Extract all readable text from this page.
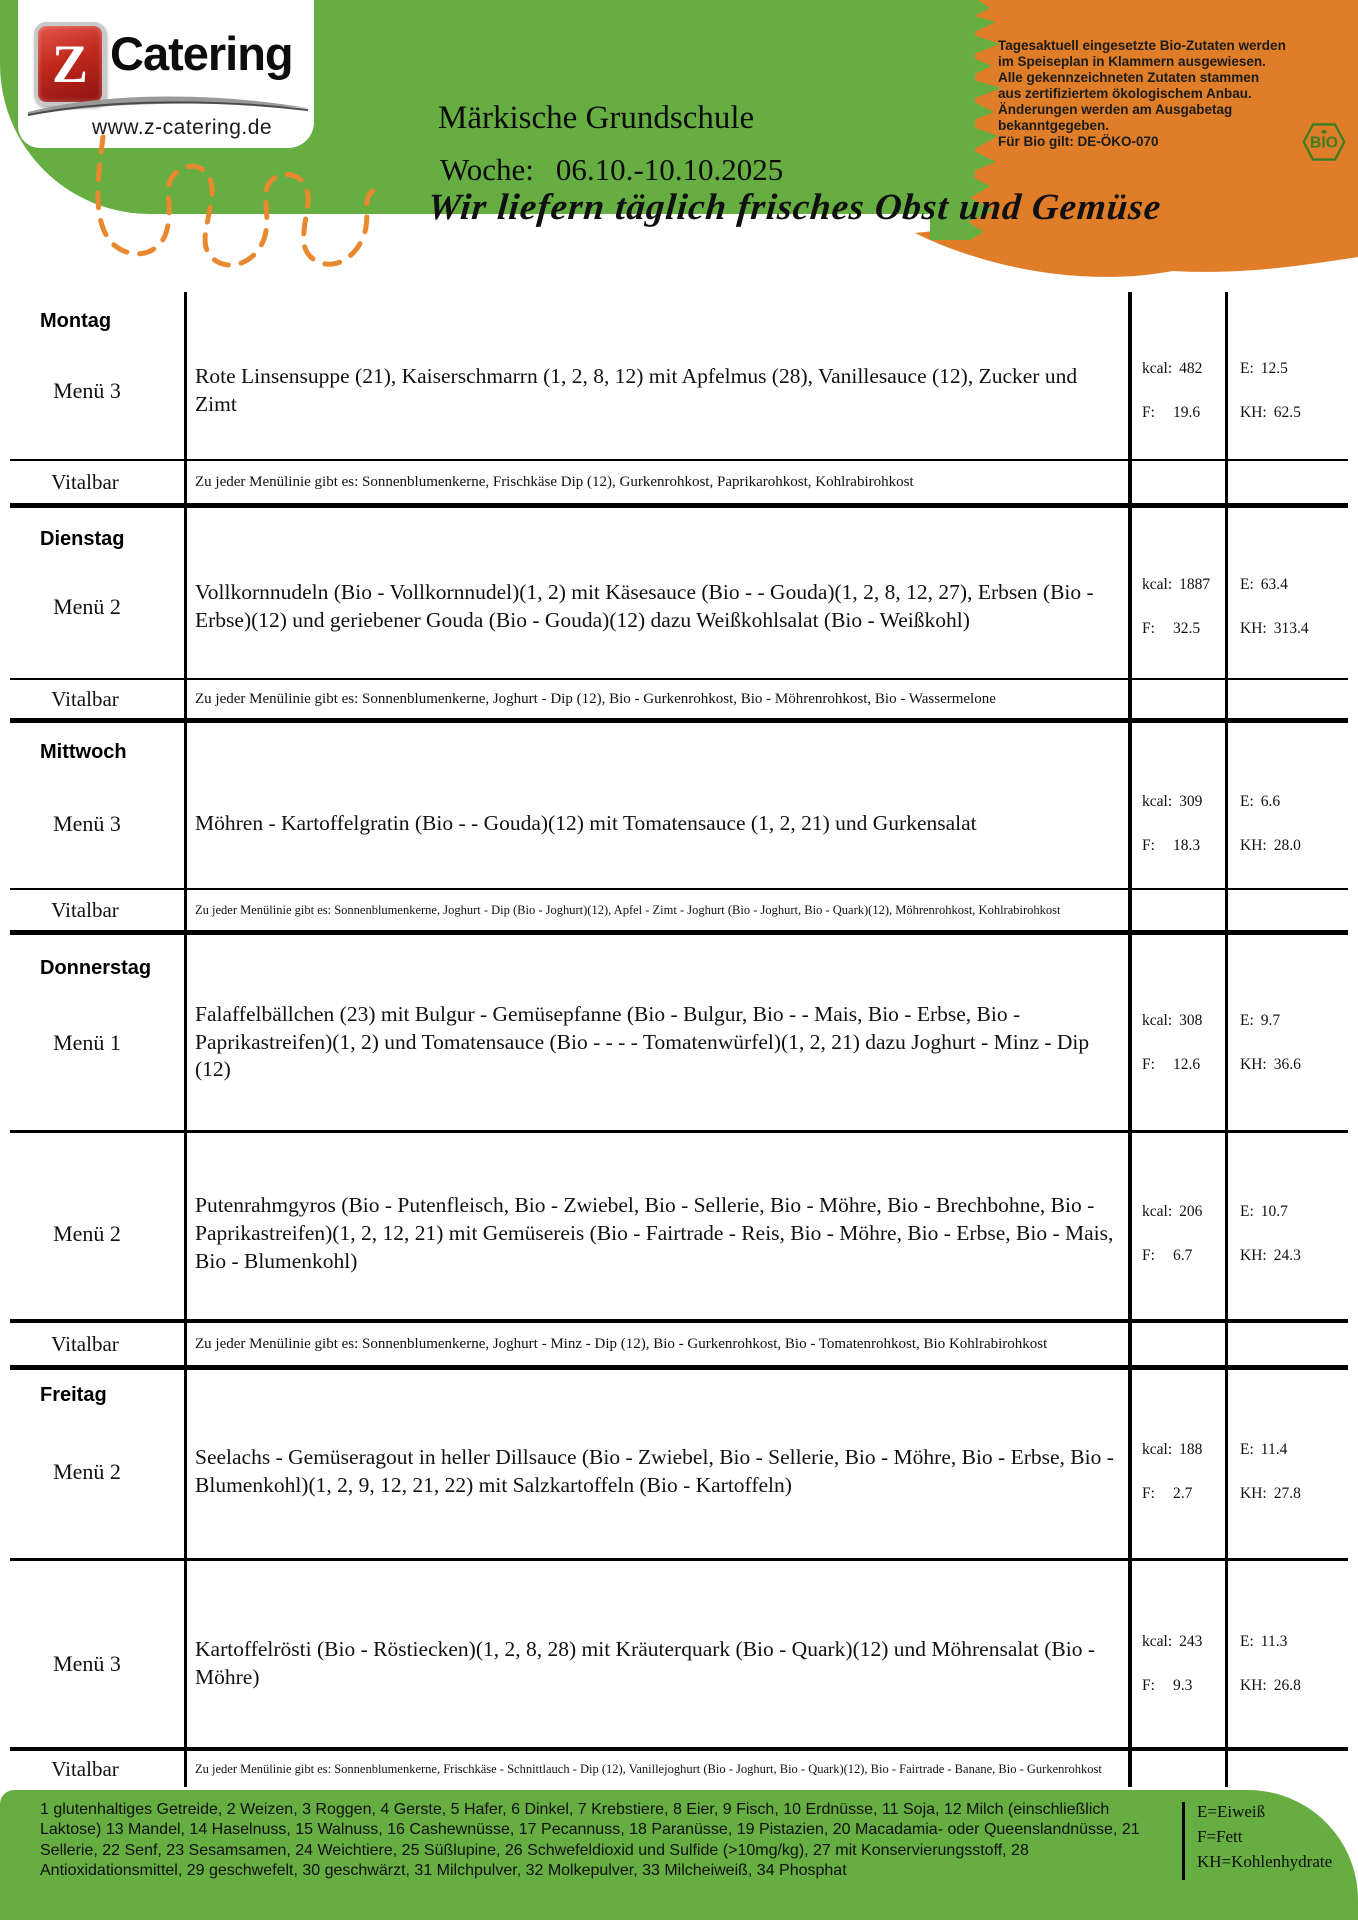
Z Catering
www.z-catering.de	Märkische Grundschule
Woche: 06.10.-10.10.2025
Wir liefern täglich frisches Obst und Gemüse
Tagesaktuell eingesetzte Bio-Zutaten werden
im Speiseplan in Klammern ausgewiesen.
Alle gekennzeichneten Zutaten stammen
aus zertifiziertem ökologischem Anbau.
Änderungen werden am Ausgabetag
bekanntgegeben.
Für Bio gilt: DE-ÖKO-070	BIO
Montag
Menü 3

Rote Linsensuppe (21), Kaiserschmarrn (1, 2, 8, 12) mit Apfelmus (28), Vanillesauce (12), Zucker und Zimt

kcal: 482
F: 19.6
E: 12.5
KH: 62.5
Vitalbar	Zu jeder Menülinie gibt es: Sonnenblumenkerne, Frischkäse Dip (12), Gurkenrohkost, Paprikarohkost, Kohlrabirohkost

Dienstag
Menü 2

Vollkornnudeln (Bio - Vollkornnudel)(1, 2) mit Käsesauce (Bio - - Gouda)(1, 2, 8, 12, 27), Erbsen (Bio - Erbse)(12) und geriebener Gouda (Bio - Gouda)(12) dazu Weißkohlsalat (Bio - Weißkohl)

kcal: 1887
F: 32.5
E: 63.4
KH: 313.4
Vitalbar	Zu jeder Menülinie gibt es: Sonnenblumenkerne, Joghurt - Dip (12), Bio - Gurkenrohkost, Bio - Möhrenrohkost, Bio - Wassermelone

Mittwoch
Menü 3	Möhren - Kartoffelgratin (Bio - - Gouda)(12) mit Tomatensauce (1, 2, 21) und Gurkensalat

kcal: 309
F: 18.3
E: 6.6
KH: 28.0
Vitalbar	Zu jeder Menülinie gibt es: Sonnenblumenkerne, Joghurt - Dip (Bio - Joghurt)(12), Apfel - Zimt - Joghurt (Bio - Joghurt, Bio - Quark)(12), Möhrenrohkost, Kohlrabirohkost

Donnerstag
Menü 1

Falaffelbällchen (23) mit Bulgur - Gemüsepfanne (Bio - Bulgur, Bio - - Mais, Bio - Erbse, Bio - Paprikastreifen)(1, 2) und Tomatensauce (Bio - - - - Tomatenwürfel)(1, 2, 21) dazu Joghurt - Minz - Dip (12)

kcal: 308
F: 12.6
E: 9.7
KH: 36.6
Menü 2

Putenrahmgyros (Bio - Putenfleisch, Bio - Zwiebel, Bio - Sellerie, Bio - Möhre, Bio - Brechbohne, Bio - Paprikastreifen)(1, 2, 12, 21) mit Gemüsereis (Bio - Fairtrade - Reis, Bio - Möhre, Bio - Erbse, Bio - Mais, Bio - Blumenkohl)

kcal: 206
F: 6.7
E: 10.7
KH: 24.3
Vitalbar	Zu jeder Menülinie gibt es: Sonnenblumenkerne, Joghurt - Minz - Dip (12), Bio - Gurkenrohkost, Bio - Tomatenrohkost, Bio Kohlrabirohkost

Freitag
Menü 2

Seelachs - Gemüseragout in heller Dillsauce (Bio - Zwiebel, Bio - Sellerie, Bio - Möhre, Bio - Erbse, Bio - Blumenkohl)(1, 2, 9, 12, 21, 22) mit Salzkartoffeln (Bio - Kartoffeln)

kcal: 188
F: 2.7
E: 11.4
KH: 27.8
Menü 3

Kartoffelrösti (Bio - Röstiecken)(1, 2, 8, 28) mit Kräuterquark (Bio - Quark)(12) und Möhrensalat (Bio - Möhre)

kcal: 243
F: 9.3
E: 11.3
KH: 26.8
Vitalbar	Zu jeder Menülinie gibt es: Sonnenblumenkerne, Frischkäse - Schnittlauch - Dip (12), Vanillejoghurt (Bio - Joghurt, Bio - Quark)(12), Bio - Fairtrade - Banane, Bio - Gurkenrohkost

1 glutenhaltiges Getreide, 2 Weizen, 3 Roggen, 4 Gerste, 5 Hafer, 6 Dinkel, 7 Krebstiere, 8 Eier, 9 Fisch, 10 Erdnüsse, 11 Soja, 12 Milch (einschließlich Laktose) 13 Mandel, 14 Haselnuss, 15 Walnuss, 16 Cashewnüsse, 17 Pecannuss, 18 Paranüsse, 19 Pistazien, 20 Macadamia- oder Queenslandnüsse, 21 Sellerie, 22 Senf, 23 Sesamsamen, 24 Weichtiere, 25 Süßlupine, 26 Schwefeldioxid und Sulfide (>10mg/kg), 27 mit Konservierungsstoff, 28 Antioxidationsmittel, 29 geschwefelt, 30 geschwärzt, 31 Milchpulver, 32 Molkepulver, 33 Milcheiweiß, 34 Phosphat
E=Eiweiß
F=Fett
KH=Kohlenhydrate
